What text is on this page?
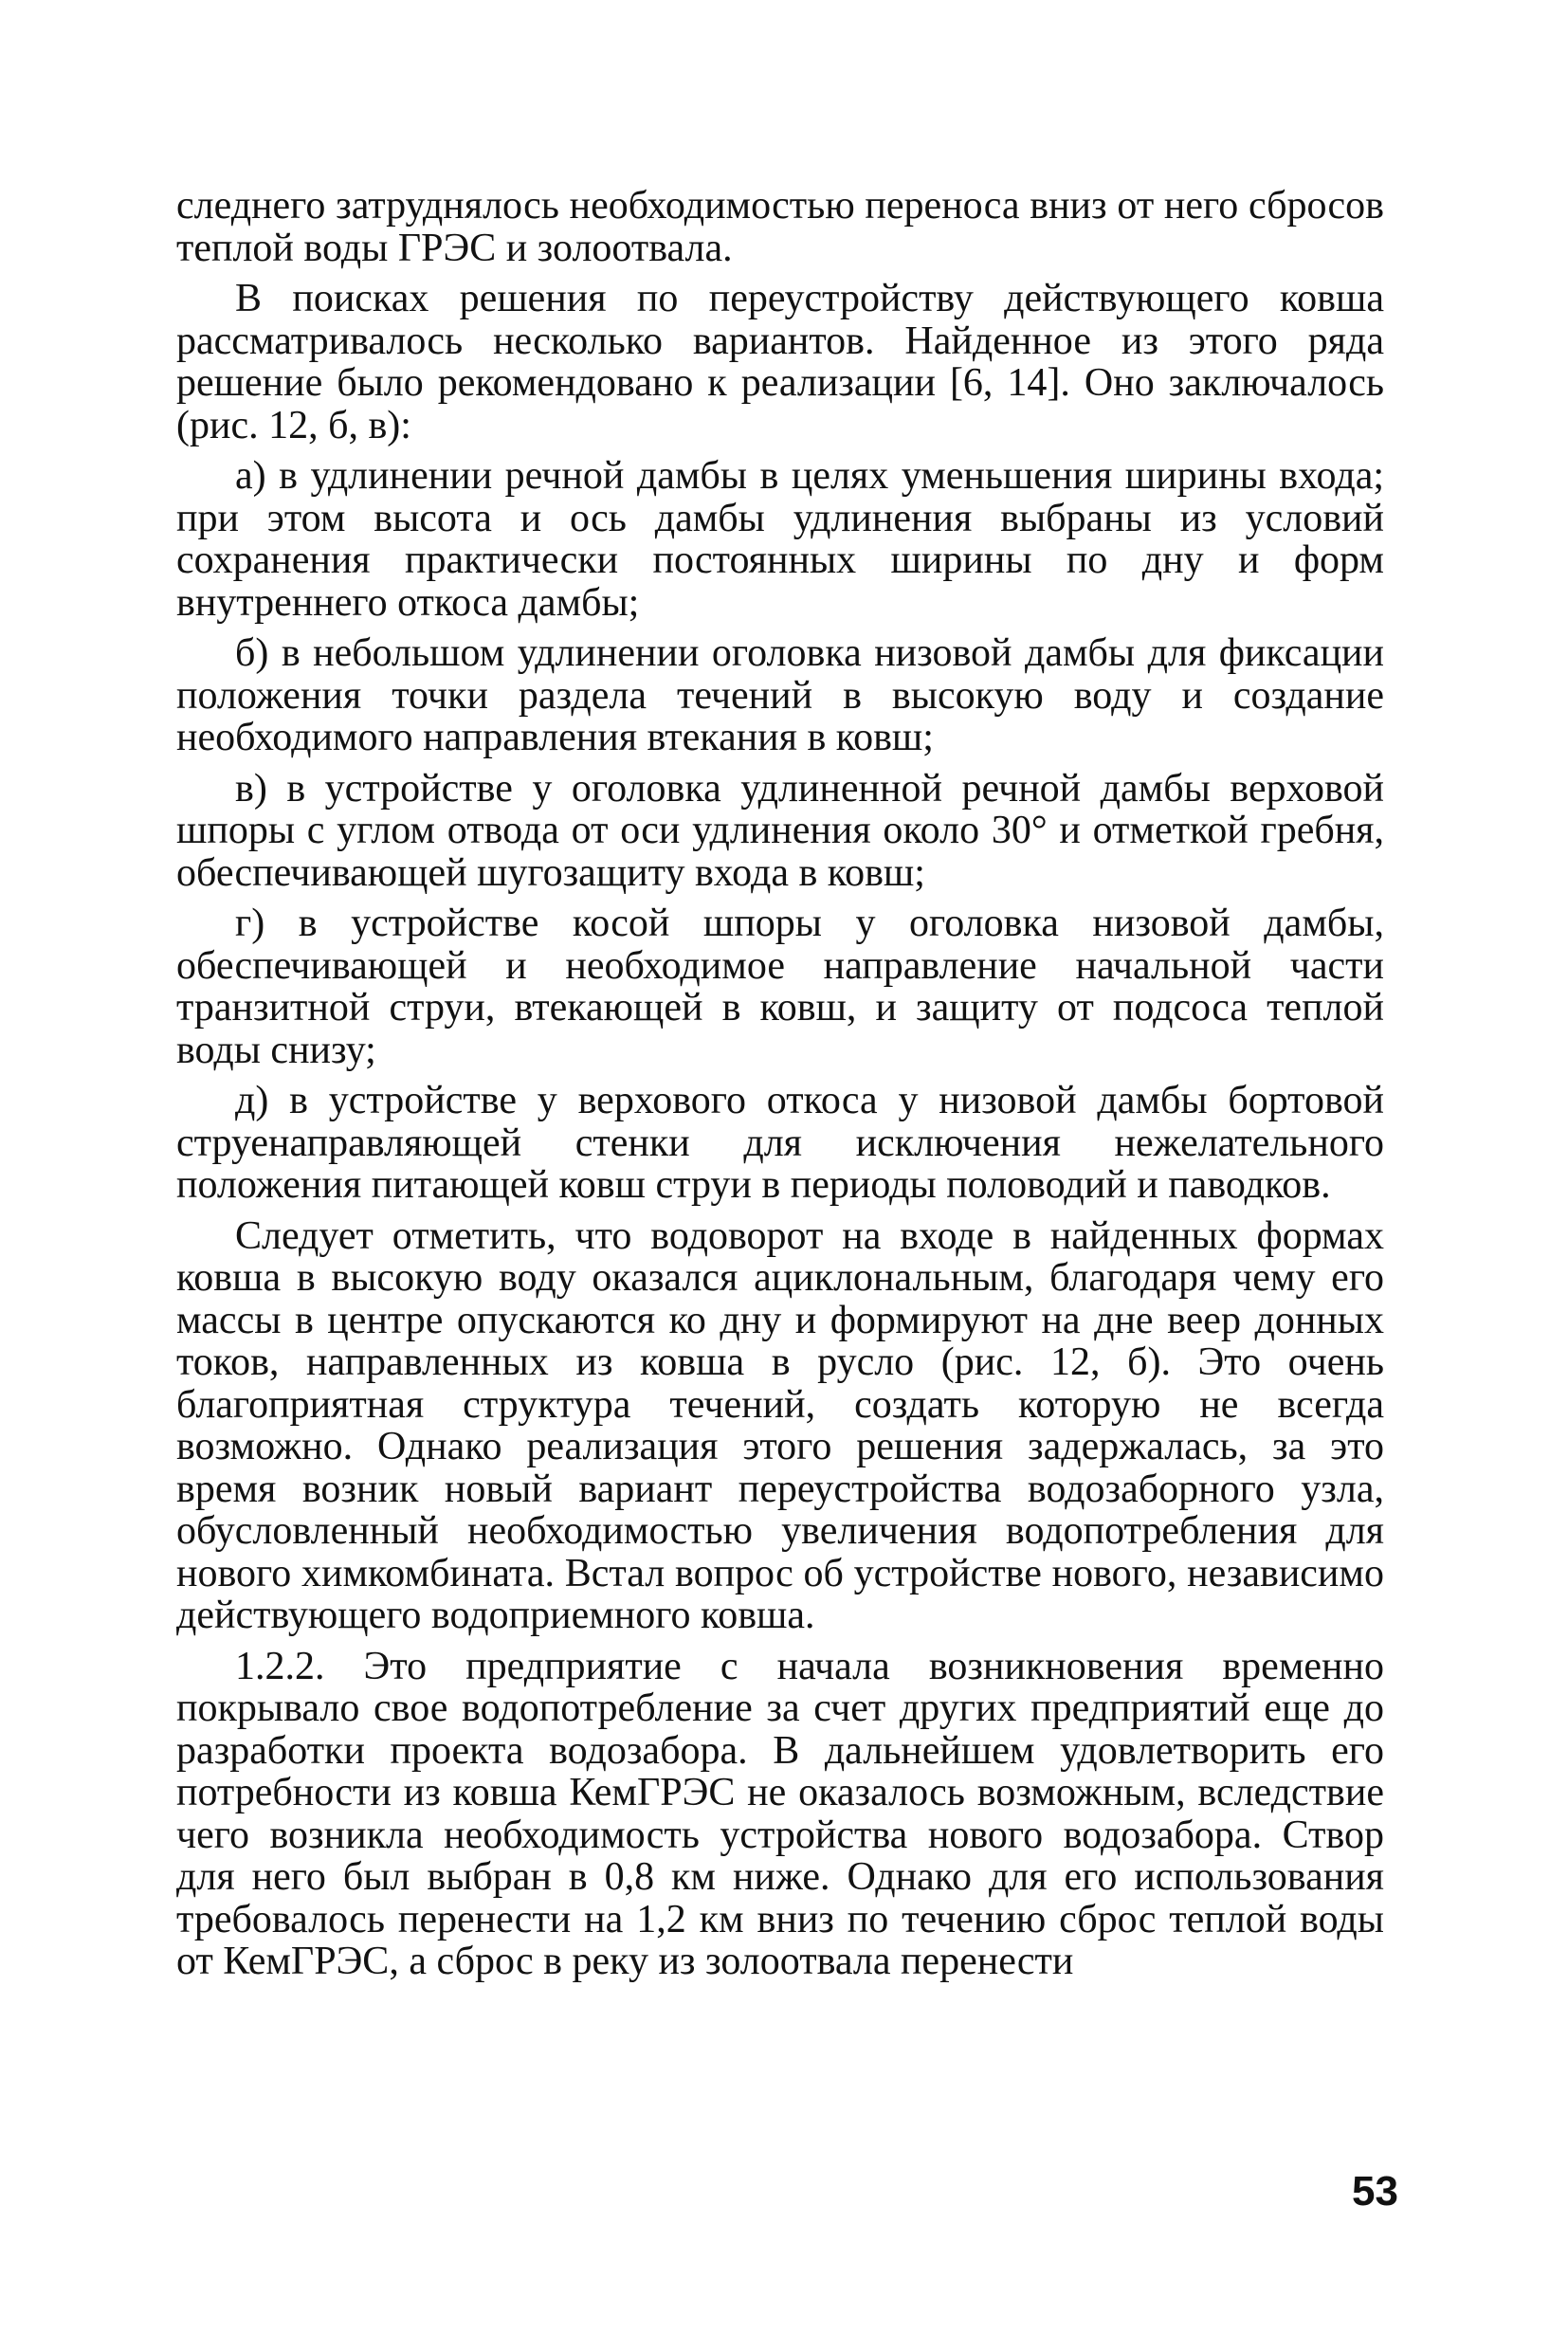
следнего затруднялось необходимостью переноса вниз от него сбросов теплой воды ГРЭС и золоотвала.

В поисках решения по переустройству действующего ковша рассматривалось несколько вариантов. Найденное из этого ряда решение было рекомендовано к реализации [6, 14]. Оно заключалось (рис. 12, б, в):

а) в удлинении речной дамбы в целях уменьшения ширины входа; при этом высота и ось дамбы удлинения выбраны из условий сохранения практически постоянных ширины по дну и форм внутреннего откоса дамбы;

б) в небольшом удлинении оголовка низовой дамбы для фиксации положения точки раздела течений в высокую воду и создание необходимого направления втекания в ковш;

в) в устройстве у оголовка удлиненной речной дамбы верховой шпоры с углом отвода от оси удлинения около 30° и отметкой гребня, обеспечивающей шугозащиту входа в ковш;

г) в устройстве косой шпоры у оголовка низовой дамбы, обеспечивающей и необходимое направление начальной части транзитной струи, втекающей в ковш, и защиту от подсоса теплой воды снизу;

д) в устройстве у верхового откоса у низовой дамбы бортовой струенаправляющей стенки для исключения нежелательного положения питающей ковш струи в периоды половодий и паводков.

Следует отметить, что водоворот на входе в найденных формах ковша в высокую воду оказался ациклональным, благодаря чему его массы в центре опускаются ко дну и формируют на дне веер донных токов, направленных из ковша в русло (рис. 12, б). Это очень благоприятная структура течений, создать которую не всегда возможно. Однако реализация этого решения задержалась, за это время возник новый вариант переустройства водозаборного узла, обусловленный необходимостью увеличения водопотребления для нового химкомбината. Встал вопрос об устройстве нового, независимо действующего водоприемного ковша.

1.2.2. Это предприятие с начала возникновения временно покрывало свое водопотребление за счет других предприятий еще до разработки проекта водозабора. В дальнейшем удовлетворить его потребности из ковша КемГРЭС не оказалось возможным, вследствие чего возникла необходимость устройства нового водозабора. Створ для него был выбран в 0,8 км ниже. Однако для его использования требовалось перенести на 1,2 км вниз по течению сброс теплой воды от КемГРЭС, а сброс в реку из золоотвала перенести

53
